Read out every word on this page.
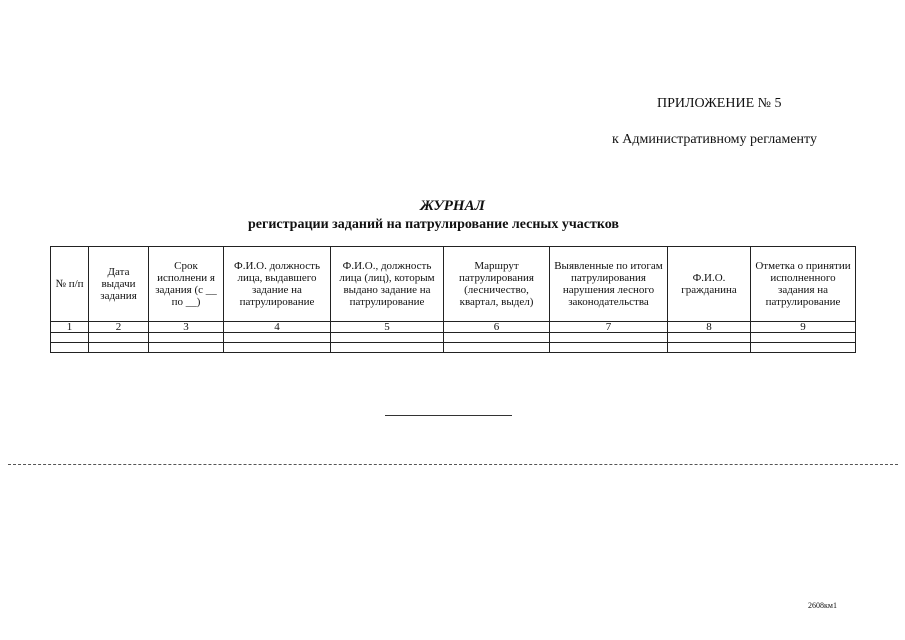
ПРИЛОЖЕНИЕ № 5
к Административному регламенту
ЖУРНАЛ
регистрации заданий на патрулирование лесных участков
№ п/п	Дата выдачи задания	Срок исполнени я задания (с __ по __)	Ф.И.О. должность лица, выдавшего задание на патрулирование	Ф.И.О., должность лица (лиц), которым выдано задание на патрулирование	Маршрут патрулирования (лесничество, квартал, выдел)	Выявленные по итогам патрулирования нарушения лесного законодательства	Ф.И.О. гражданина	Отметка о принятии исполненного задания на патрулирование
1	2	3	4	5	6	7	8	9

2608км1
